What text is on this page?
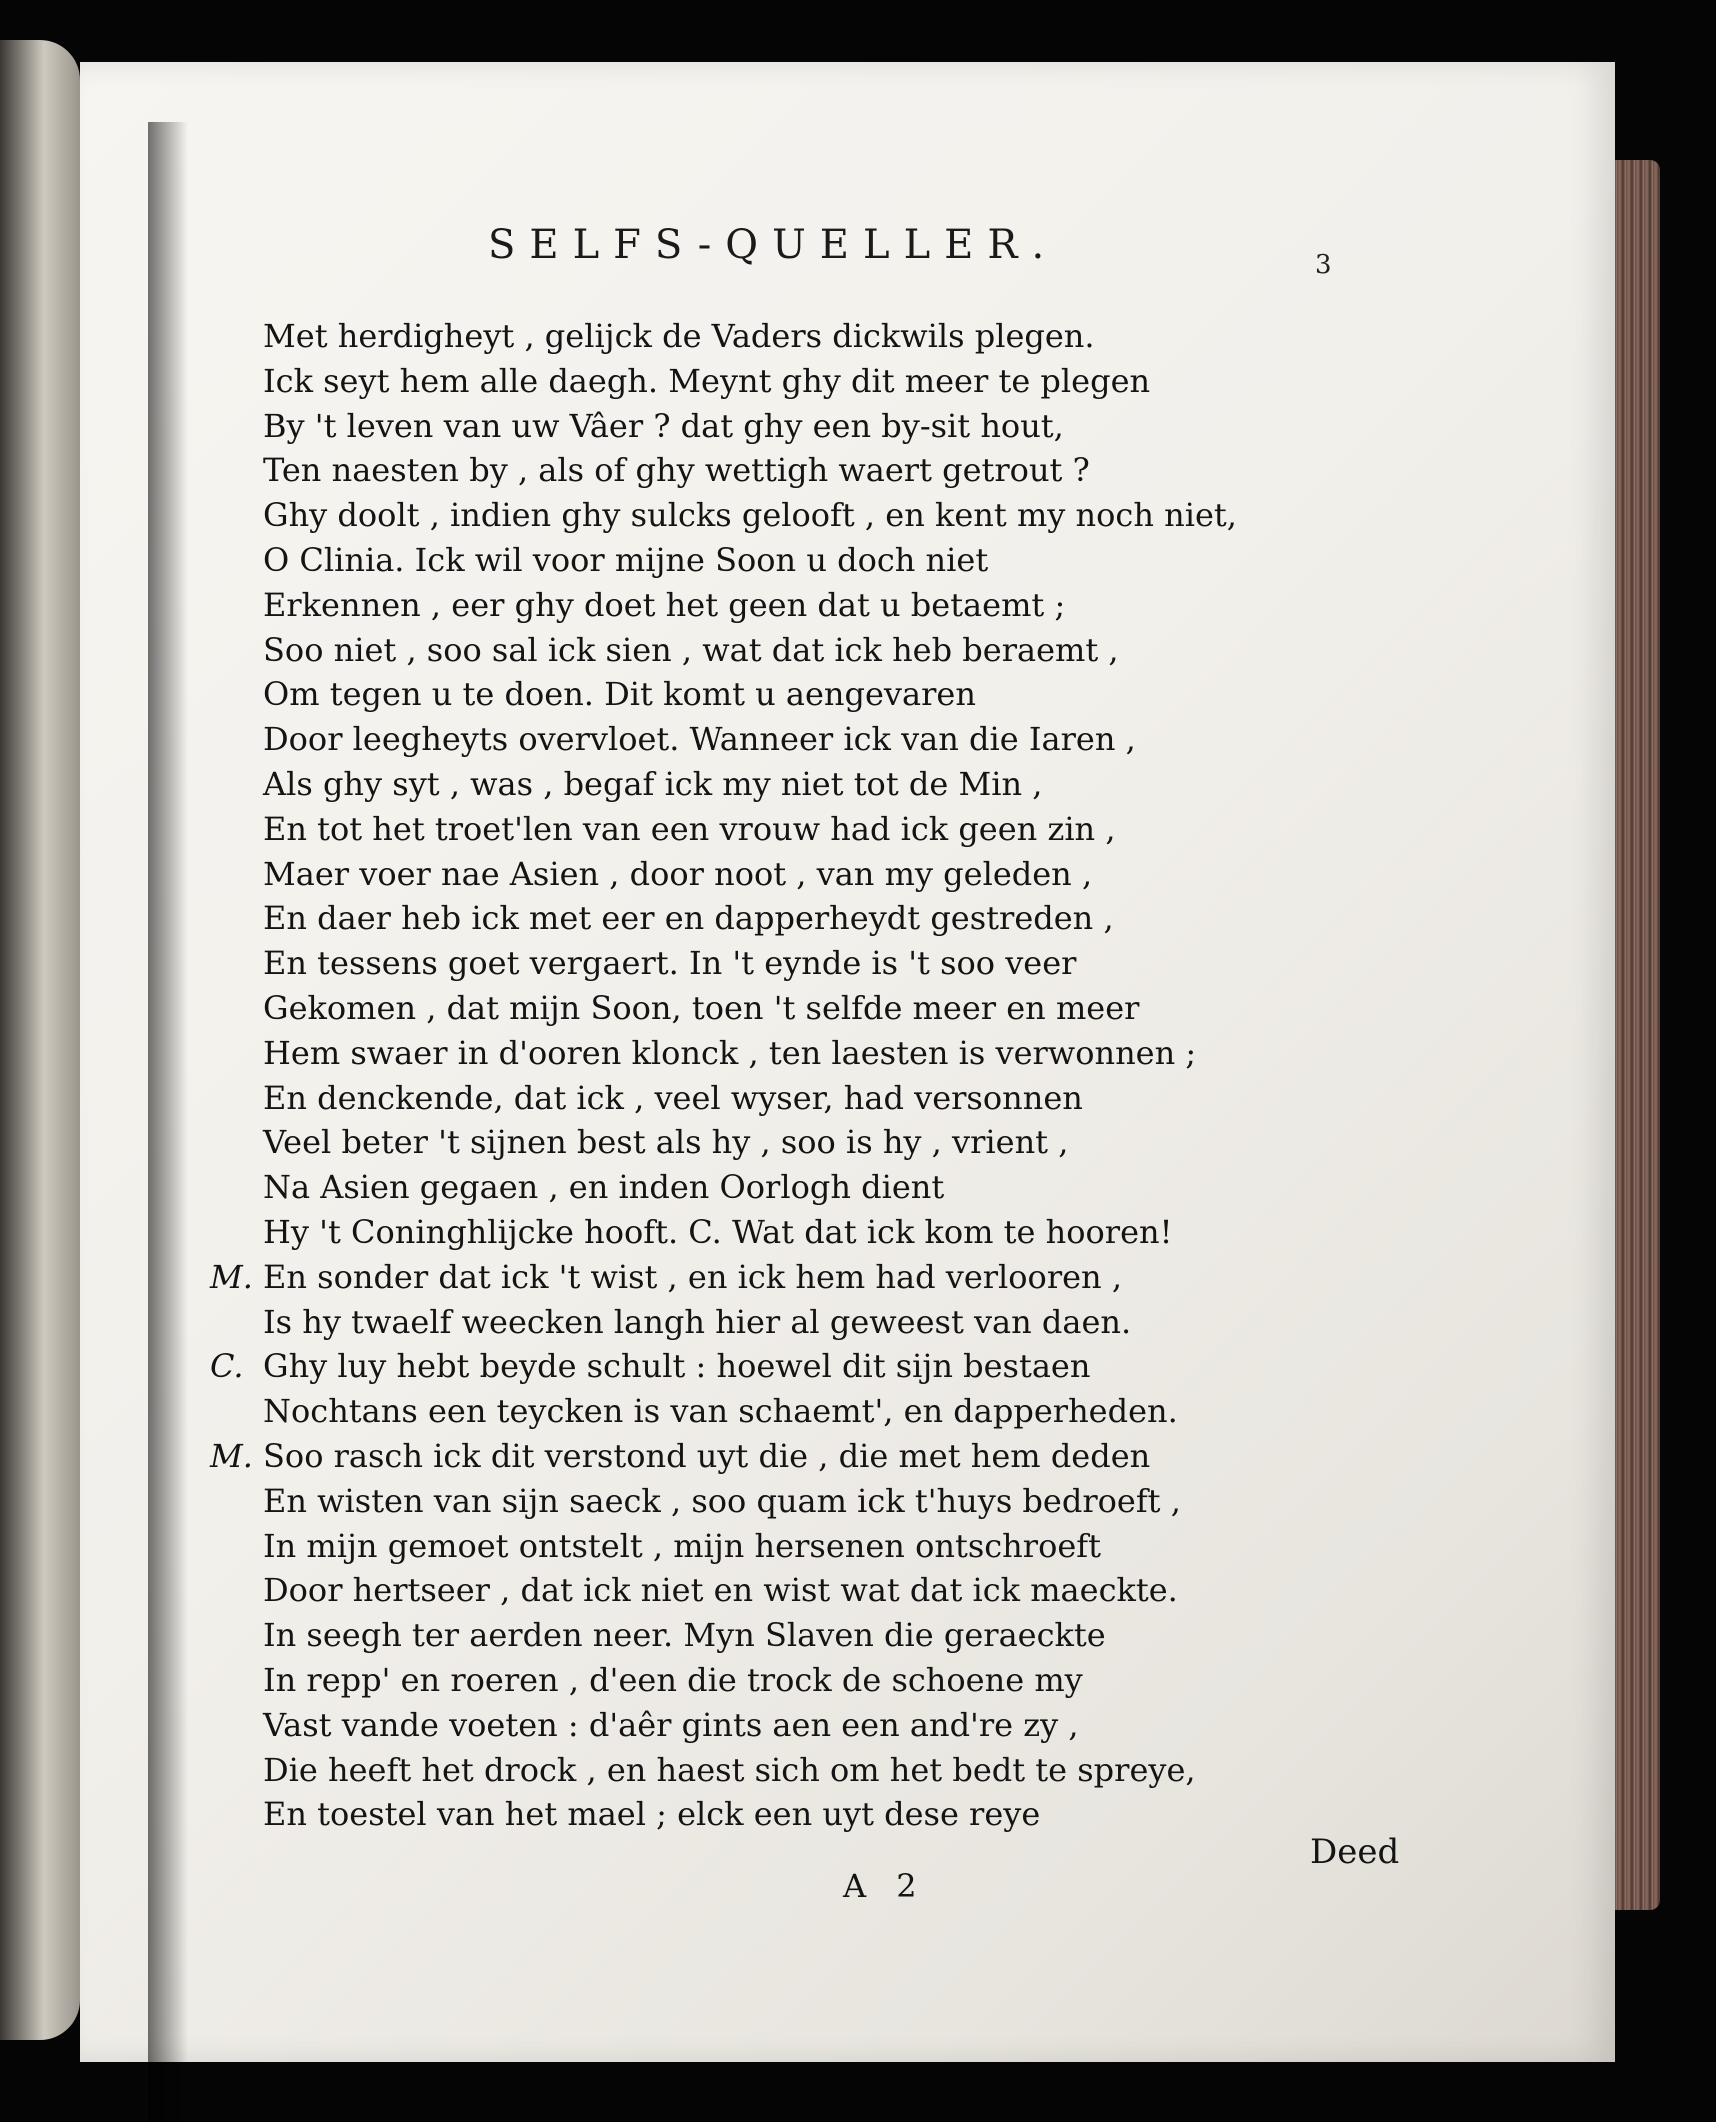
SELFS-QUELLER.	3
Met herdigheyt , gelijck de Vaders dickwils plegen.
Ick seyt hem alle daegh. Meynt ghy dit meer te plegen
By 't leven van uw Vâer ? dat ghy een by-sit hout,
Ten naesten by , als of ghy wettigh waert getrout ?
Ghy doolt , indien ghy sulcks gelooft , en kent my noch niet,
O Clinia. Ick wil voor mijne Soon u doch niet
Erkennen , eer ghy doet het geen dat u betaemt ;
Soo niet , soo sal ick sien , wat dat ick heb beraemt ,
Om tegen u te doen. Dit komt u aengevaren
Door leegheyts overvloet. Wanneer ick van die Iaren ,
Als ghy syt , was , begaf ick my niet tot de Min ,
En tot het troet'len van een vrouw had ick geen zin ,
Maer voer nae Asien , door noot , van my geleden ,
En daer heb ick met eer en dapperheydt gestreden ,
En tessens goet vergaert. In 't eynde is 't soo veer
Gekomen , dat mijn Soon, toen 't selfde meer en meer
Hem swaer in d'ooren klonck , ten laesten is verwonnen ;
En denckende, dat ick , veel wyser, had versonnen
Veel beter 't sijnen best als hy , soo is hy , vrient ,
Na Asien gegaen , en inden Oorlogh dient
Hy 't Coninghlijcke hooft. C. Wat dat ick kom te hooren!
M. En sonder dat ick 't wist , en ick hem had verlooren ,
Is hy twaelf weecken langh hier al geweest van daen.
C. Ghy luy hebt beyde schult : hoewel dit sijn bestaen
Nochtans een teycken is van schaemt', en dapperheden.
M. Soo rasch ick dit verstond uyt die , die met hem deden
En wisten van sijn saeck , soo quam ick t'huys bedroeft ,
In mijn gemoet ontstelt , mijn hersenen ontschroeft
Door hertseer , dat ick niet en wist wat dat ick maeckte.
In seegh ter aerden neer. Myn Slaven die geraeckte
In repp' en roeren , d'een die trock de schoene my
Vast vande voeten : d'aêr gints aen een and're zy ,
Die heeft het drock , en haest sich om het bedt te spreye,
En toestel van het mael ; elck een uyt dese reye
Deed
A 2
